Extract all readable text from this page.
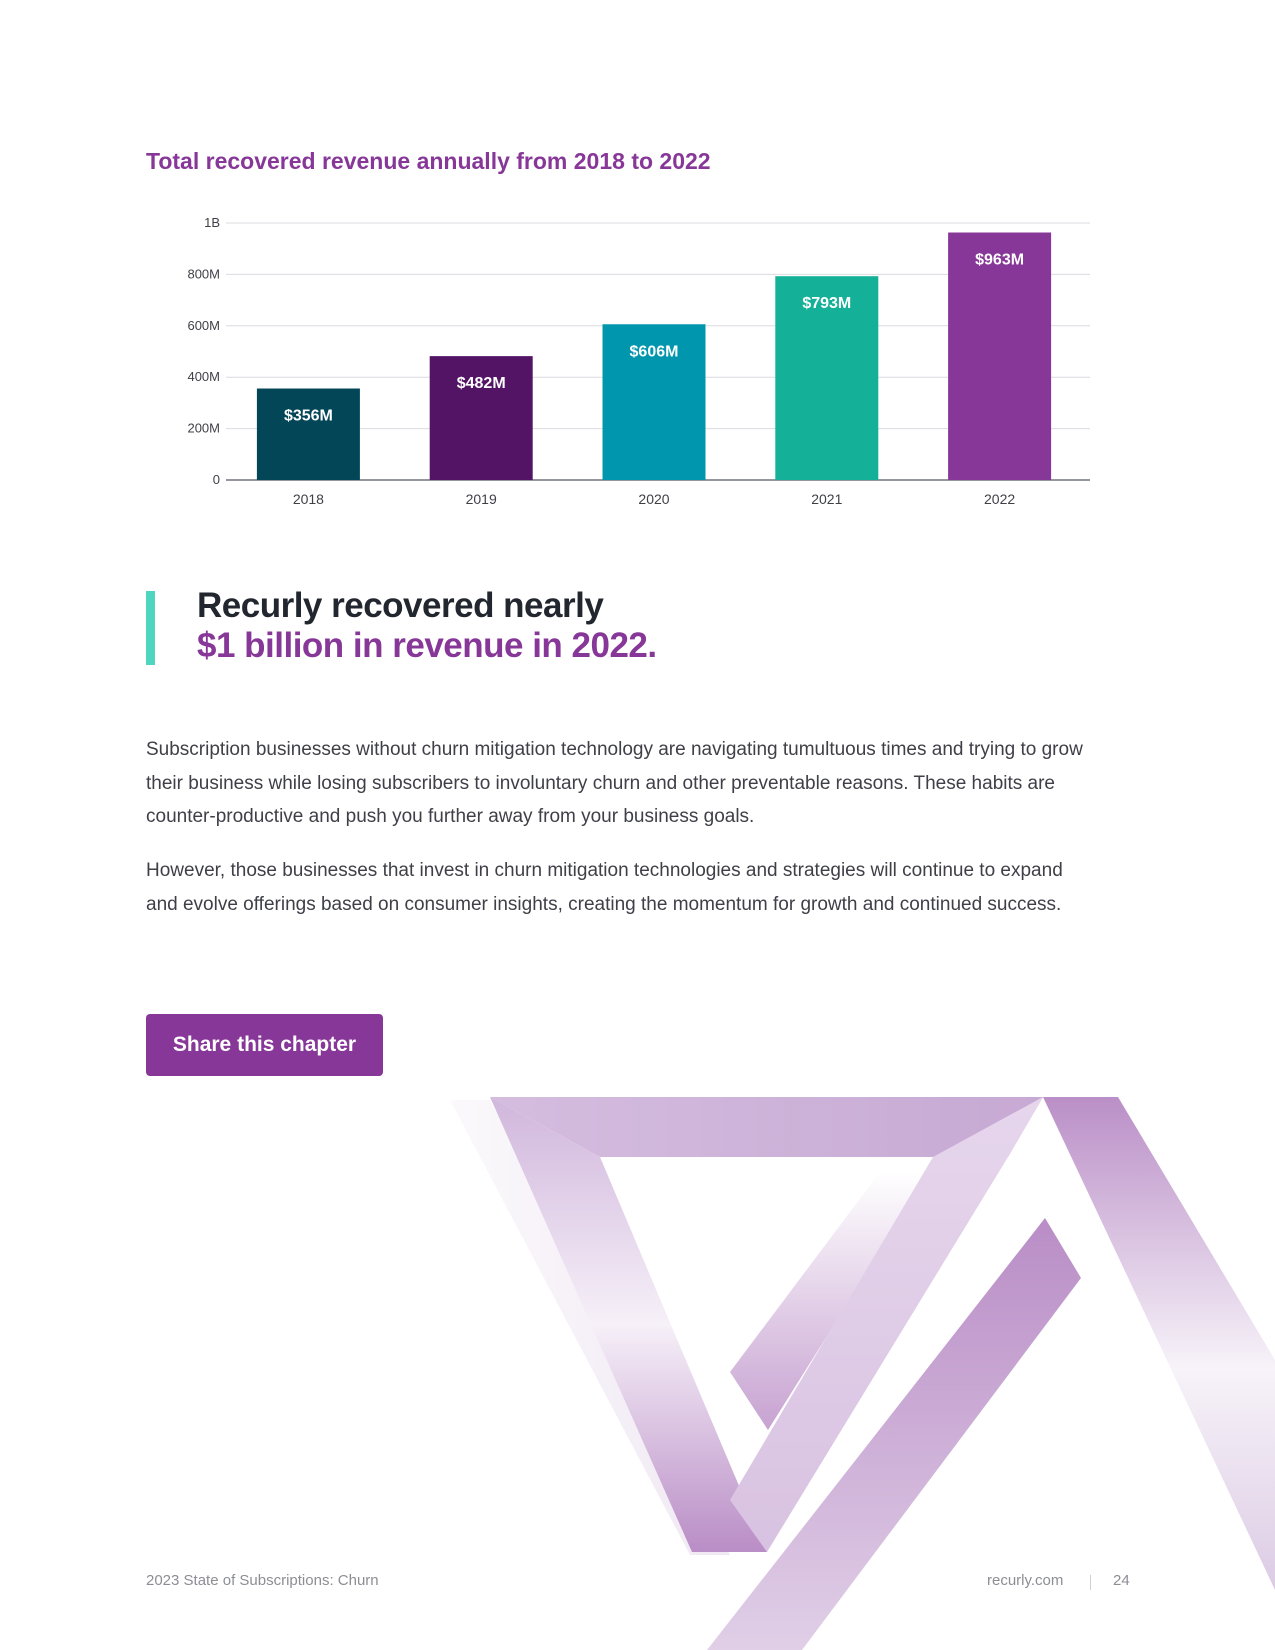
Total recovered revenue annually from 2018 to 2022
0
200M
400M
600M
800M
1B
$356M
2018
$482M
2019
$606M
2020
$793M
2021
$963M
2022
Recurly recovered nearly
$1 billion in revenue in 2022.

Subscription businesses without churn mitigation technology are navigating tumultuous times and trying to grow their business while losing subscribers to involuntary churn and other preventable reasons. These habits are counter-productive and push you further away from your business goals.

However, those businesses that invest in churn mitigation technologies and strategies will continue to expand and evolve offerings based on consumer insights, creating the momentum for growth and continued success.

Share this chapter
2023 State of Subscriptions: Churn	recurly.com	24
